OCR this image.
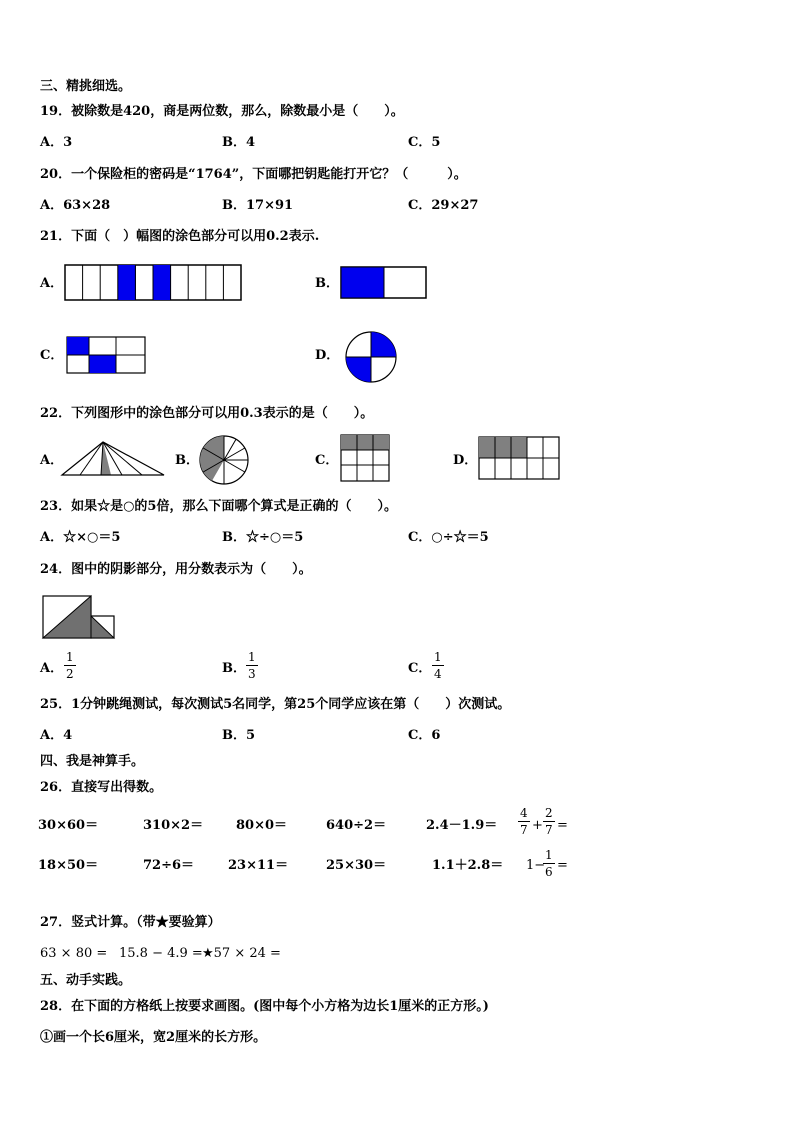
三、精挑细选。
19．被除数是420，商是两位数，那么，除数最小是（　　）。
A．3	B．4	C．5
20．一个保险柜的密码是“1764”，下面哪把钥匙能打开它？（　　　）。
A．63×28	B．17×91	C．29×27
21．下面（　）幅图的涂色部分可以用0.2表示.
A．	B．
C．	D．
22．下列图形中的涂色部分可以用0.3表示的是（　　）。
A．	B．	C．	D．
23．如果☆是○的5倍，那么下面哪个算式是正确的（　　）。
A．☆×○＝5	B．☆÷○＝5	C．○÷☆＝5
24．图中的阴影部分，用分数表示为（　　）。
A．
1
2	B．
1
3	C．
1
4
25．1分钟跳绳测试，每次测试5名同学，第25个同学应该在第（　　）次测试。
A．4	B．5	C．6
四、我是神算手。
26．直接写出得数。
30×60＝	310×2＝	80×0＝	640÷2＝	2.4－1.9＝
4
7 +
2
7 =
18×50＝	72÷6＝	23×11＝	25×30＝	1.1＋2.8＝ 1−
1
6 =
27．竖式计算。（带★要验算）
63 × 80 = 15.8 − 4.9 = ★57 × 24 =
五、动手实践。
28．在下面的方格纸上按要求画图。(图中每个小方格为边长1厘米的正方形。)
①画一个长6厘米，宽2厘米的长方形。
